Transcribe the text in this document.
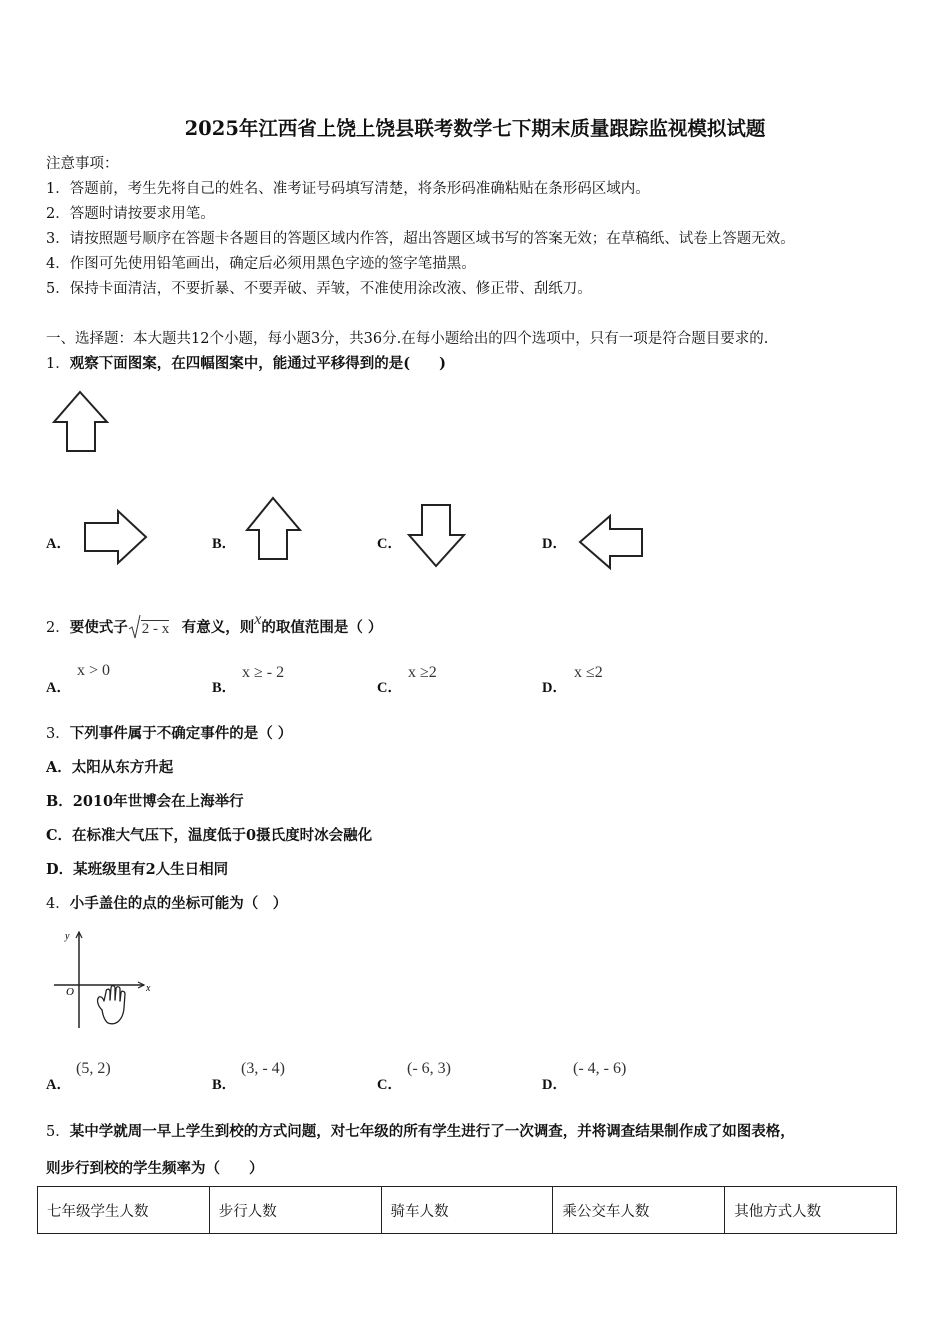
2025年江西省上饶上饶县联考数学七下期末质量跟踪监视模拟试题
注意事项：
1．答题前，考生先将自己的姓名、准考证号码填写清楚，将条形码准确粘贴在条形码区域内。
2．答题时请按要求用笔。
3．请按照题号顺序在答题卡各题目的答题区域内作答，超出答题区域书写的答案无效；在草稿纸、试卷上答题无效。
4．作图可先使用铅笔画出，确定后必须用黑色字迹的签字笔描黑。
5．保持卡面清洁，不要折暴、不要弄破、弄皱，不准使用涂改液、修正带、刮纸刀。
一、选择题：本大题共12个小题，每小题3分，共36分.在每小题给出的四个选项中，只有一项是符合题目要求的.
1．观察下面图案，在四幅图案中，能通过平移得到的是(　　)
A．	B．	C．	D．
2．要使式子 2 - x 有意义，则x的取值范围是（ ）
A．
x > 0
B．
x ≥ - 2
C．
x ≥2
D．
x ≤2
3．下列事件属于不确定事件的是（ ）
A．太阳从东方升起
B．2010年世博会在上海举行
C．在标准大气压下，温度低于0摄氏度时冰会融化
D．某班级里有2人生日相同
4．小手盖住的点的坐标可能为（　）
y
x
O
A．
(5, 2)
B．
(3, - 4)
C．
(- 6, 3)
D．
(- 4, - 6)
5．某中学就周一早上学生到校的方式问题，对七年级的所有学生进行了一次调查，并将调查结果制作成了如图表格，
则步行到校的学生频率为（　　）
七年级学生人数	步行人数	骑车人数	乘公交车人数	其他方式人数
